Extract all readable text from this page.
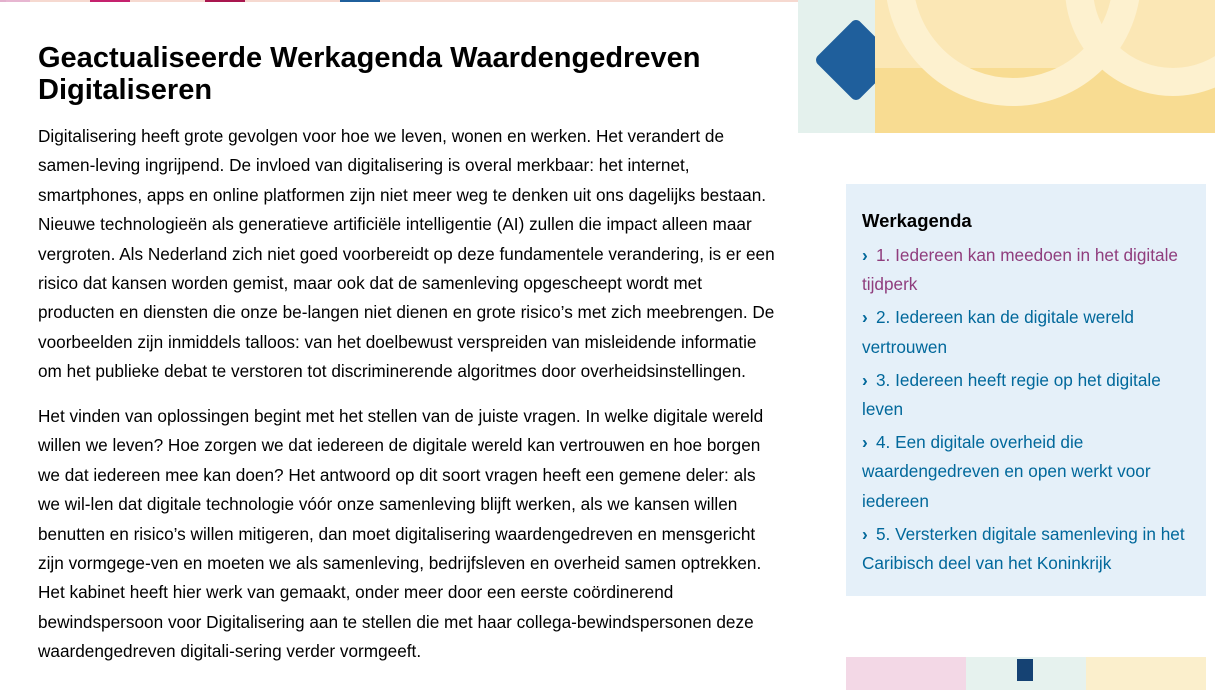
Geactualiseerde Werkagenda Waardengedreven Digitaliseren

Digitalisering heeft grote gevolgen voor hoe we leven, wonen en werken. Het verandert de samen-leving ingrijpend. De invloed van digitalisering is overal merkbaar: het internet, smartphones, apps en online platformen zijn niet meer weg te denken uit ons dagelijks bestaan. Nieuwe technologieën als generatieve artificiële intelligentie (AI) zullen die impact alleen maar vergroten. Als Nederland zich niet goed voorbereidt op deze fundamentele verandering, is er een risico dat kansen worden gemist, maar ook dat de samenleving opgescheept wordt met producten en diensten die onze be-langen niet dienen en grote risico’s met zich meebrengen. De voorbeelden zijn inmiddels talloos: van het doelbewust verspreiden van misleidende informatie om het publieke debat te verstoren tot discriminerende algoritmes door overheidsinstellingen.

Het vinden van oplossingen begint met het stellen van de juiste vragen. In welke digitale wereld willen we leven? Hoe zorgen we dat iedereen de digitale wereld kan vertrouwen en hoe borgen we dat iedereen mee kan doen? Het antwoord op dit soort vragen heeft een gemene deler: als we wil-len dat digitale technologie vóór onze samenleving blijft werken, als we kansen willen benutten en risico’s willen mitigeren, dan moet digitalisering waardengedreven en mensgericht zijn vormgege-ven en moeten we als samenleving, bedrijfsleven en overheid samen optrekken. Het kabinet heeft hier werk van gemaakt, onder meer door een eerste coördinerend bewindspersoon voor Digitalisering aan te stellen die met haar collega-bewindspersonen deze waardengedreven digitali-sering verder vormgeeft.

Werkagenda
› 1. Iedereen kan meedoen in het digitale tijdperk
› 2. Iedereen kan de digitale wereld vertrouwen
› 3. Iedereen heeft regie op het digitale leven
› 4. Een digitale overheid die waardengedreven en open werkt voor iedereen
› 5. Versterken digitale samenleving in het Caribisch deel van het Koninkrijk
